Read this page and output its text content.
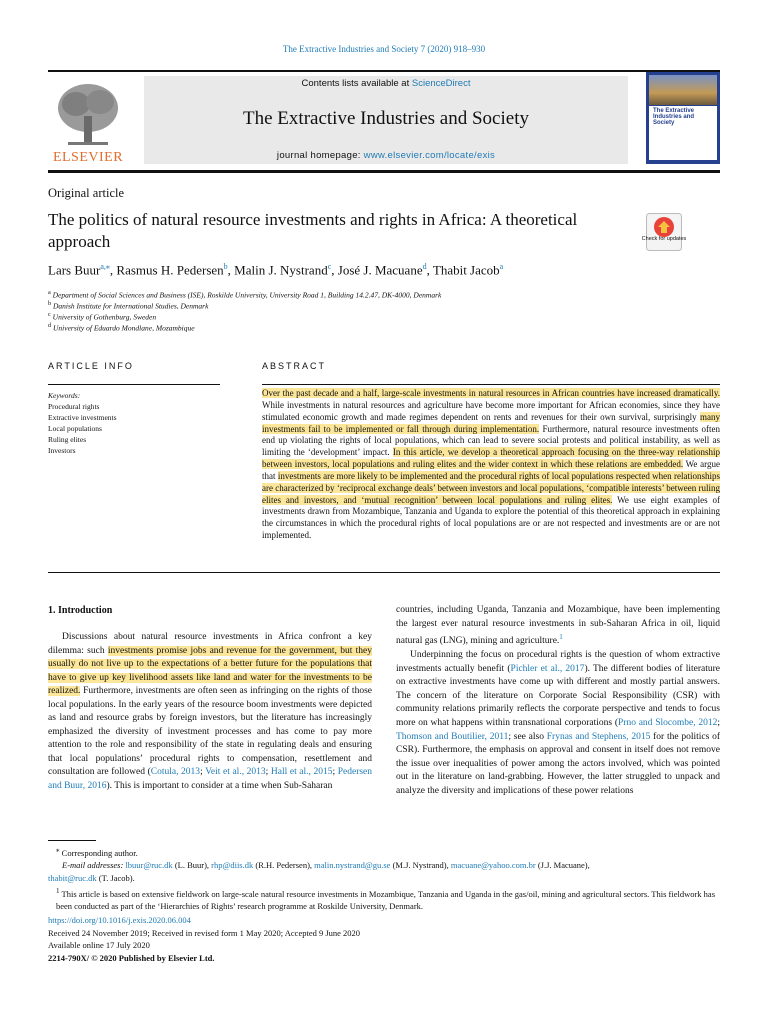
The Extractive Industries and Society 7 (2020) 918–930
ELSEVIER
Contents lists available at ScienceDirect
The Extractive Industries and Society
journal homepage: www.elsevier.com/locate/exis
The Extractive Industries and Society
Original article
The politics of natural resource investments and rights in Africa: A theoretical approach	Check for updates
Lars Buur$^{a,⁎}$, Rasmus H. Pedersen$^b$, Malin J. Nystrand$^c$, José J. Macuane$^d$, Thabit Jacob$^a$
$^a$ Department of Social Sciences and Business (ISE), Roskilde University, University Road 1, Building 14.2.47, DK-4000, Denmark
$^b$ Danish Institute for International Studies, Denmark
$^c$ University of Gothenburg, Sweden
$^d$ University of Eduardo Mondlane, Mozambique
ARTICLE INFO	ABSTRACT
Keywords:
Procedural rights
Extractive investments
Local populations
Ruling elites
Investors
Over the past decade and a half, large-scale investments in natural resources in African countries have increased dramatically. While investments in natural resources and agriculture have become more important for African economies, since they have stimulated economic growth and made regimes dependent on rents and revenues for their own survival, surprisingly many investments fail to be implemented or fall through during implementation. Furthermore, natural resource investments often end up violating the rights of local populations, which can lead to severe social protests and political instability, as well as limiting the ‘development’ impact. In this article, we develop a theoretical approach focusing on the three-way relationship between investors, local populations and ruling elites and the wider context in which these relations are embedded. We argue that investments are more likely to be implemented and the procedural rights of local populations respected when relationships are characterized by ‘reciprocal exchange deals’ between investors and local populations, ‘compatible interests’ between ruling elites and investors, and ‘mutual recognition’ between local populations and ruling elites. We use eight examples of investments drawn from Mozambique, Tanzania and Uganda to explore the potential of this theoretical approach in explaining the circumstances in which the procedural rights of local populations are or are not respected and investments are or are not implemented.
1. Introduction
Discussions about natural resource investments in Africa confront a key dilemma: such investments promise jobs and revenue for the government, but they usually do not live up to the expectations of a better future for the populations that have to give up key livelihood assets like land and water for the investments to be realized. Furthermore, investments are often seen as infringing on the rights of those local populations. In the early years of the resource boom investments were depicted as land and resource grabs by foreign investors, but the literature has increasingly emphasized the diversity of investment processes and has come to pay more attention to the role and responsibility of the state in regulating deals and ensuring that local populations’ procedural rights to compensation, resettlement and consultation are followed (Cotula, 2013; Veit et al., 2013; Hall et al., 2015; Pedersen and Buur, 2016). This is important to consider at a time when Sub-Saharan
countries, including Uganda, Tanzania and Mozambique, have been implementing the largest ever natural resource investments in sub-Saharan Africa in oil, liquid natural gas (LNG), mining and agriculture.$^1$
Underpinning the focus on procedural rights is the question of whom extractive investments actually benefit (Pichler et al., 2017). The different bodies of literature on extractive investments have come up with different and mostly partial answers. The concern of the literature on Corporate Social Responsibility (CSR) with community relations primarily reflects the corporate perspective and tends to focus more on what happens within transnational corporations (Prno and Slocombe, 2012; Thomson and Boutilier, 2011; see also Frynas and Stephens, 2015 for the politics of CSR). Furthermore, the emphasis on approval and consent in itself does not remove the issue over inequalities of power among the actors involved, which was pointed out in the literature on land-grabbing. However, the latter struggled to unpack and analyze the diversity and implications of these power relations
⁎ Corresponding author.
E-mail addresses: lbuur@ruc.dk (L. Buur), rhp@diis.dk (R.H. Pedersen), malin.nystrand@gu.se (M.J. Nystrand), macuane@yahoo.com.br (J.J. Macuane),
thabit@ruc.dk (T. Jacob).
$^1$ This article is based on extensive fieldwork on large-scale natural resource investments in Mozambique, Tanzania and Uganda in the gas/oil, mining and agricultural sectors. This fieldwork has been conducted as part of the ‘Hierarchies of Rights’ research programme at Roskilde University, Denmark.
https://doi.org/10.1016/j.exis.2020.06.004
Received 24 November 2019; Received in revised form 1 May 2020; Accepted 9 June 2020
Available online 17 July 2020
2214-790X/ © 2020 Published by Elsevier Ltd.
